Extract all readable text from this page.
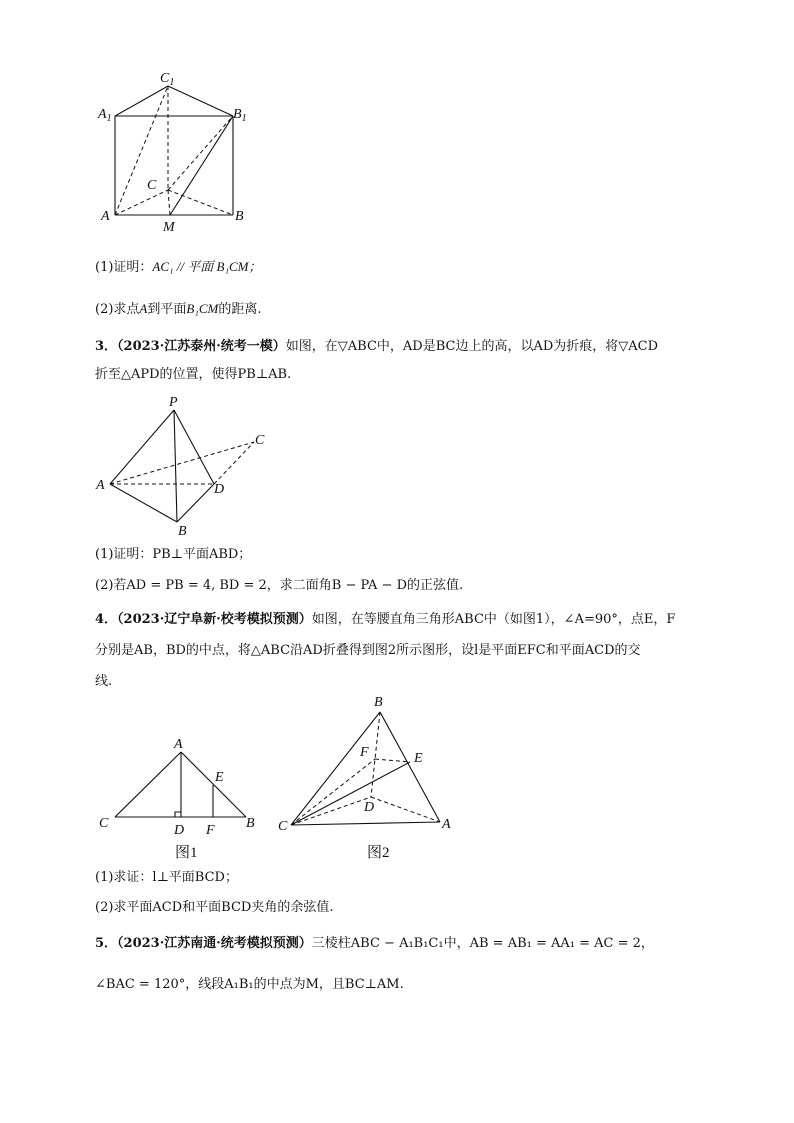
$C_1$
$A_1$	$B_1$
C
A
M
B
(1)证明：AC₁ // 平面 B₁CM；
(2)求点A到平面B₁CM的距离.
3．（2023·江苏泰州·统考一模）如图，在▽ABC中，AD是BC边上的高，以AD为折痕，将▽ACD
折至△APD的位置，使得PB⊥AB.
P
C
A	D
B
(1)证明：PB⊥平面ABD；
(2)若AD = PB = 4, BD = 2，求二面角B − PA − D的正弦值.
4．（2023·辽宁阜新·校考模拟预测）如图，在等腰直角三角形ABC中（如图1），∠A=90°，点E，F
分别是AB，BD的中点，将△ABC沿AD折叠得到图2所示图形，设l是平面EFC和平面ACD的交
线.
A
E
C	D F B
图1
B
F	E
D
C	A
图2
(1)求证：l⊥平面BCD；
(2)求平面ACD和平面BCD夹角的余弦值.
5．（2023·江苏南通·统考模拟预测）三棱柱ABC − A₁B₁C₁中，AB = AB₁ = AA₁ = AC = 2，
∠BAC = 120°，线段A₁B₁的中点为M，且BC⊥AM.
